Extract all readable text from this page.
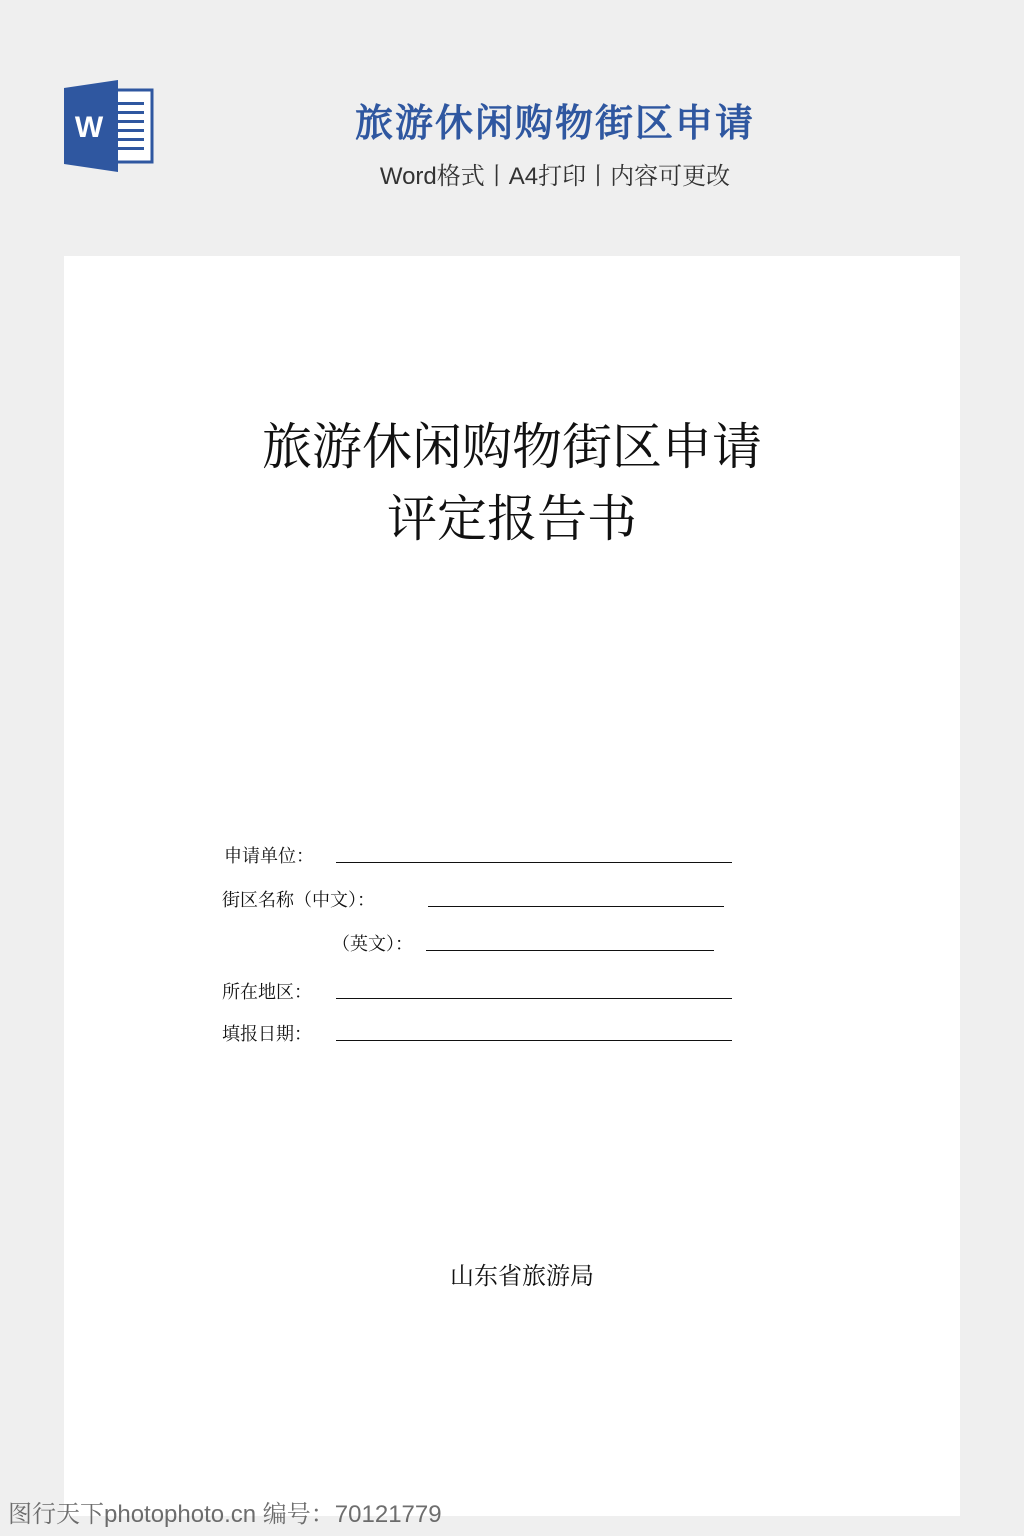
W	旅游休闲购物街区申请
Word格式丨A4打印丨内容可更改
旅游休闲购物街区申请
评定报告书
申请单位：
街区名称（中文）：
（英文）：
所在地区：
填报日期：
山东省旅游局
图行天下photophoto.cn 编号：70121779
